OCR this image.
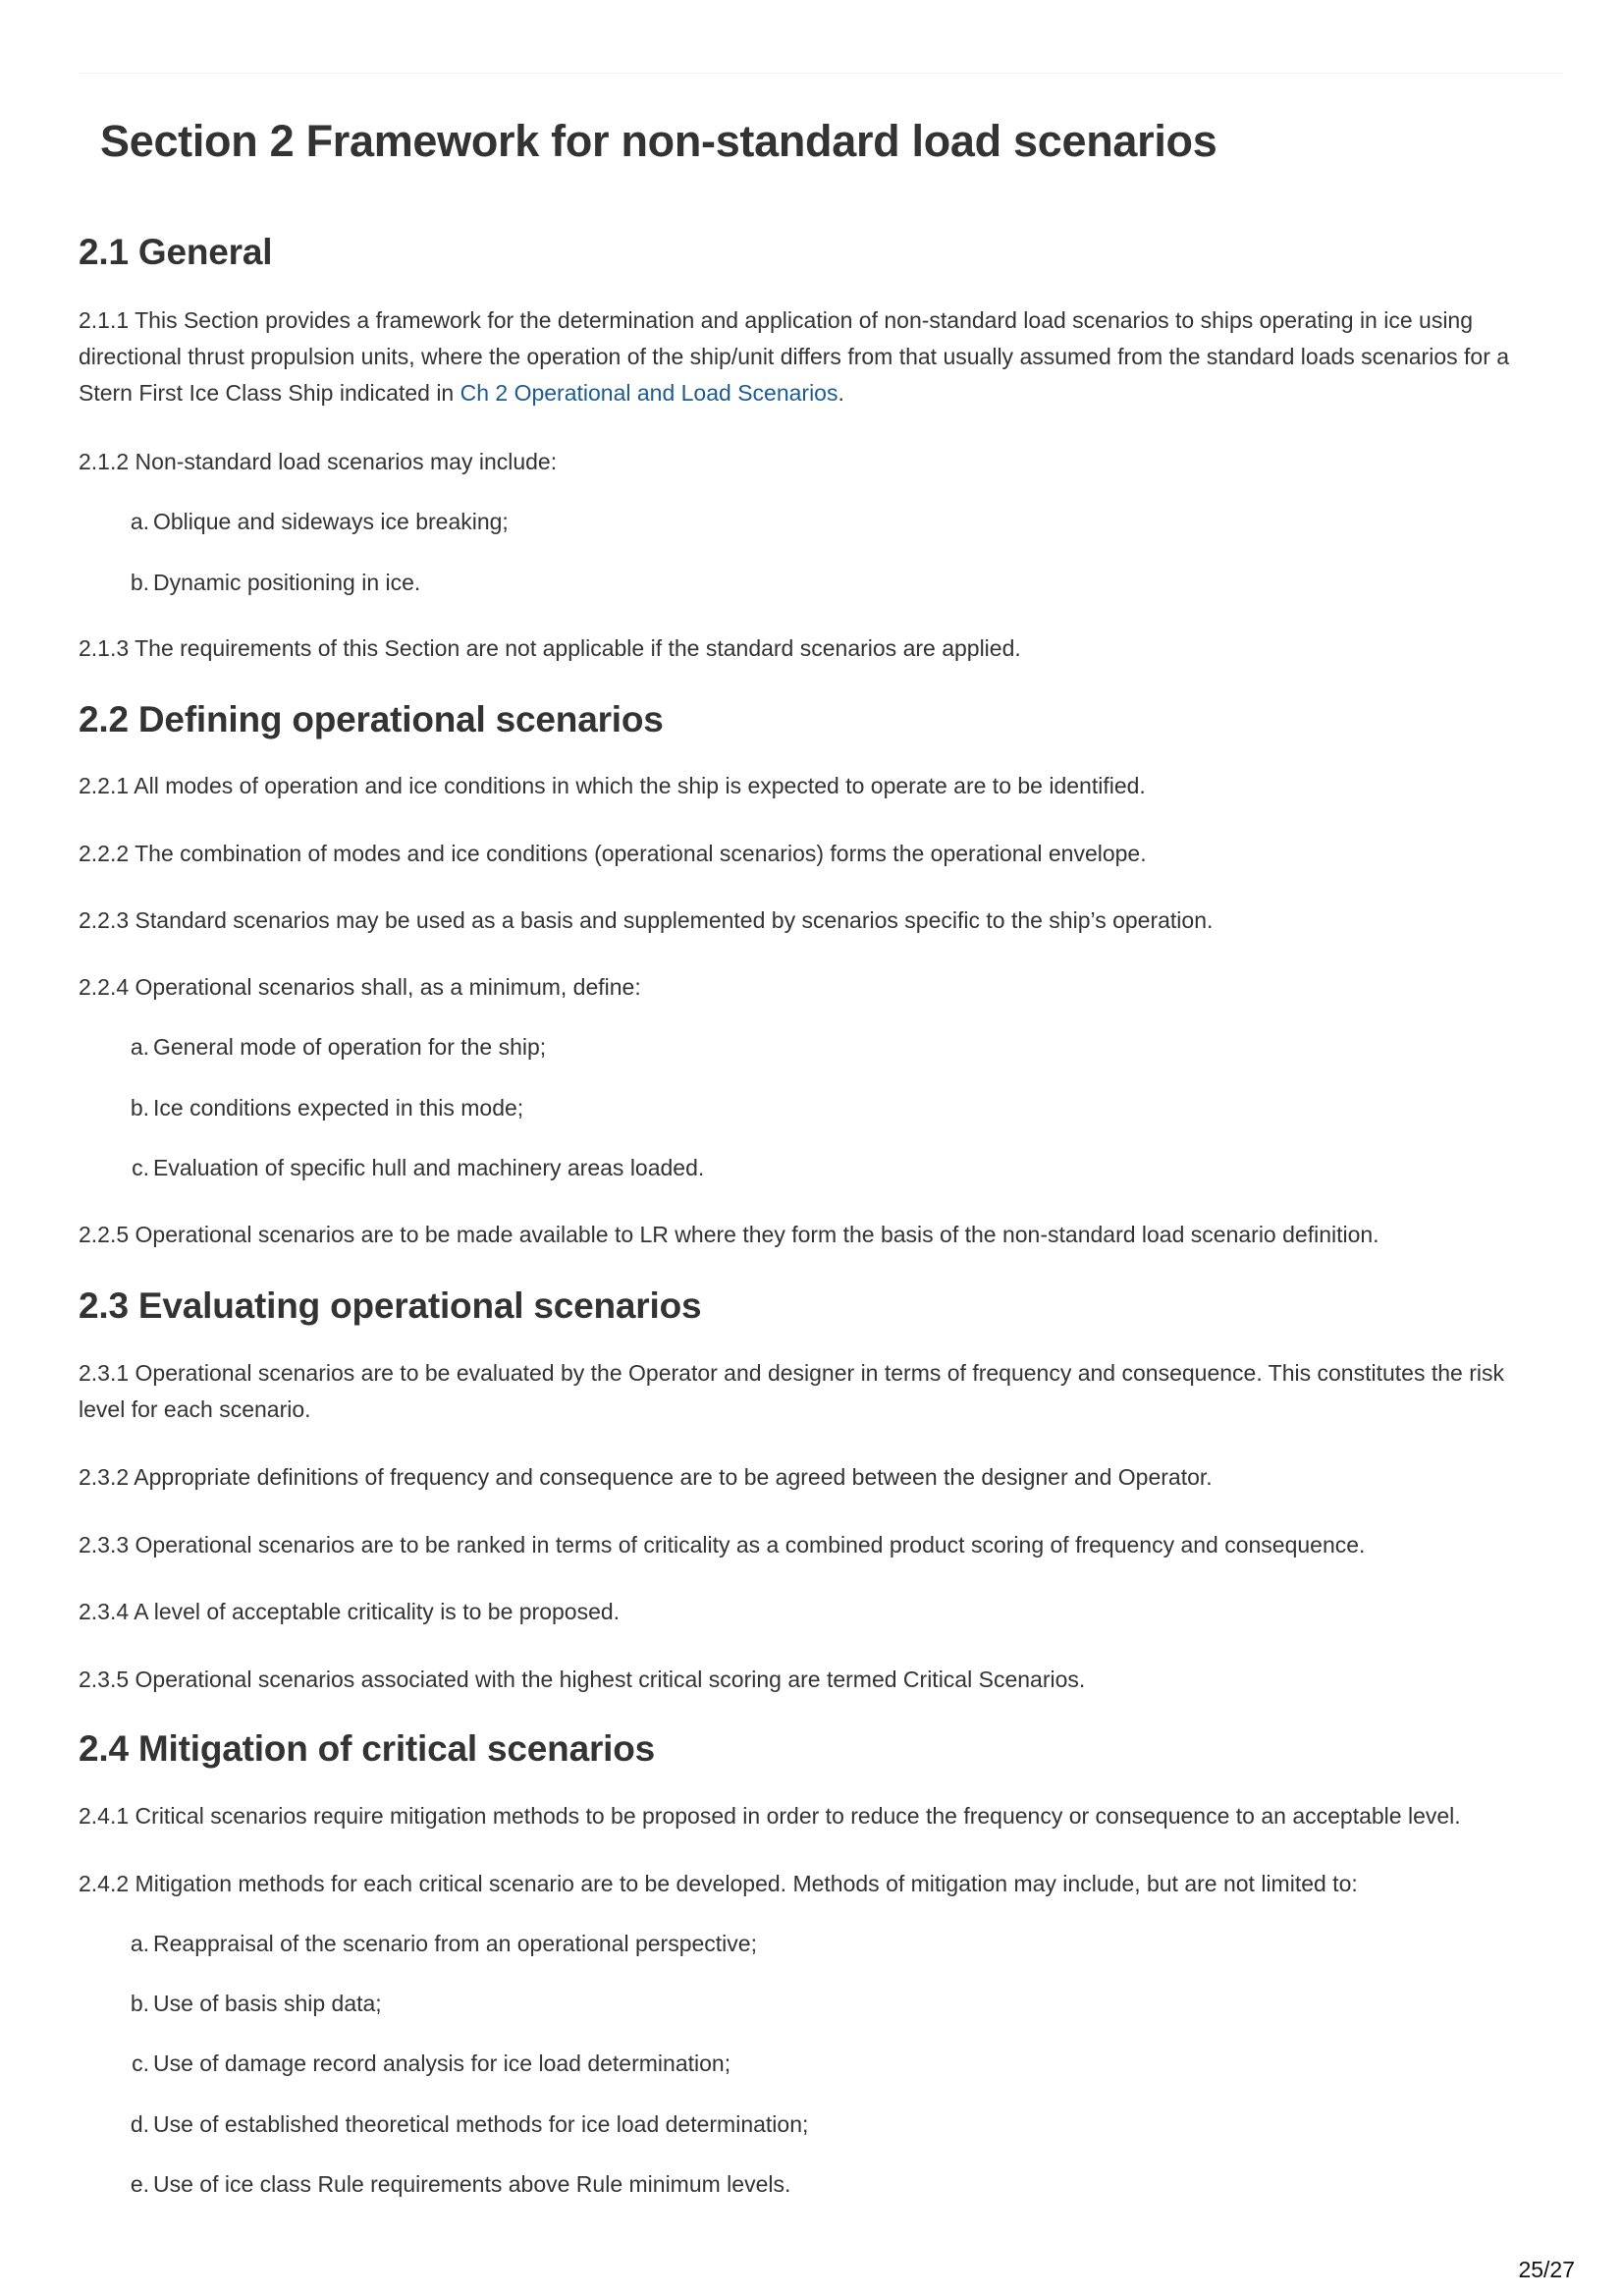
Section 2 Framework for non-standard load scenarios
2.1 General

2.1.1 This Section provides a framework for the determination and application of non-standard load scenarios to ships operating in ice using directional thrust propulsion units, where the operation of the ship/unit differs from that usually assumed from the standard loads scenarios for a Stern First Ice Class Ship indicated in Ch 2 Operational and Load Scenarios.

2.1.2 Non-standard load scenarios may include:

a. Oblique and sideways ice breaking;
b. Dynamic positioning in ice.

2.1.3 The requirements of this Section are not applicable if the standard scenarios are applied.

2.2 Defining operational scenarios

2.2.1 All modes of operation and ice conditions in which the ship is expected to operate are to be identified.

2.2.2 The combination of modes and ice conditions (operational scenarios) forms the operational envelope.

2.2.3 Standard scenarios may be used as a basis and supplemented by scenarios specific to the ship’s operation.

2.2.4 Operational scenarios shall, as a minimum, define:

a. General mode of operation for the ship;
b. Ice conditions expected in this mode;
c. Evaluation of specific hull and machinery areas loaded.

2.2.5 Operational scenarios are to be made available to LR where they form the basis of the non-standard load scenario definition.

2.3 Evaluating operational scenarios

2.3.1 Operational scenarios are to be evaluated by the Operator and designer in terms of frequency and consequence. This constitutes the risk level for each scenario.

2.3.2 Appropriate definitions of frequency and consequence are to be agreed between the designer and Operator.

2.3.3 Operational scenarios are to be ranked in terms of criticality as a combined product scoring of frequency and consequence.

2.3.4 A level of acceptable criticality is to be proposed.

2.3.5 Operational scenarios associated with the highest critical scoring are termed Critical Scenarios.

2.4 Mitigation of critical scenarios

2.4.1 Critical scenarios require mitigation methods to be proposed in order to reduce the frequency or consequence to an acceptable level.

2.4.2 Mitigation methods for each critical scenario are to be developed. Methods of mitigation may include, but are not limited to:

a. Reappraisal of the scenario from an operational perspective;
b. Use of basis ship data;
c. Use of damage record analysis for ice load determination;
d. Use of established theoretical methods for ice load determination;
e. Use of ice class Rule requirements above Rule minimum levels.
25/27
